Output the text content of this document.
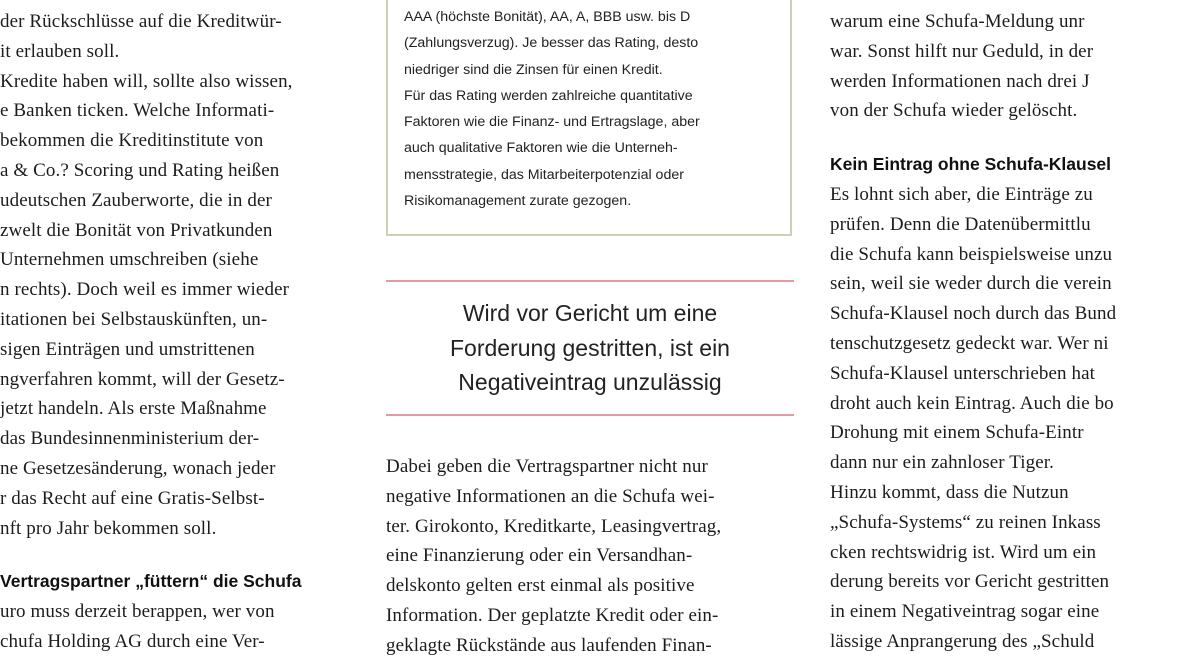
der Rückschlüsse auf die Kreditwür-
it erlauben soll.
Kredite haben will, sollte also wissen,
e Banken ticken. Welche Informati-
bekommen die Kreditinstitute von
a & Co.? Scoring und Rating heißen
udeutschen Zauberworte, die in der
zwelt die Bonität von Privatkunden
Unternehmen umschreiben (siehe
n rechts). Doch weil es immer wieder
itationen bei Selbstauskünften, un-
sigen Einträgen und umstrittenen
ngverfahren kommt, will der Gesetz-
jetzt handeln. Als erste Maßnahme
das Bundesinnenministerium der-
ne Gesetzesänderung, wonach jeder
r das Recht auf eine Gratis-Selbst-
nft pro Jahr bekommen soll.
Vertragspartner „füttern“ die Schufa
uro muss derzeit berappen, wer von
chufa Holding AG durch eine Ver-
AAA (höchste Bonität), AA, A, BBB usw. bis D
(Zahlungsverzug). Je besser das Rating, desto
niedriger sind die Zinsen für einen Kredit.
Für das Rating werden zahlreiche quantitative
Faktoren wie die Finanz- und Ertragslage, aber
auch qualitative Faktoren wie die Unterneh-
mensstrategie, das Mitarbeiterpotenzial oder
Risikomanagement zurate gezogen.
Wird vor Gericht um eine
Forderung gestritten, ist ein
Negativeintrag unzulässig
Dabei geben die Vertragspartner nicht nur
negative Informationen an die Schufa wei-
ter. Girokonto, Kreditkarte, Leasingvertrag,
eine Finanzierung oder ein Versandhan-
delskonto gelten erst einmal als positive
Information. Der geplatzte Kredit oder ein-
geklagte Rückstände aus laufenden Finan-
warum eine Schufa-Meldung unr
war. Sonst hilft nur Geduld, in der
werden Informationen nach drei J
von der Schufa wieder gelöscht.
Kein Eintrag ohne Schufa-Klausel
Es lohnt sich aber, die Einträge zu
prüfen. Denn die Datenübermittlu
die Schufa kann beispielsweise unzu
sein, weil sie weder durch die verein
Schufa-Klausel noch durch das Bund
tenschutzgesetz gedeckt war. Wer ni
Schufa-Klausel unterschrieben hat
droht auch kein Eintrag. Auch die bo
Drohung mit einem Schufa-Eintr
dann nur ein zahnloser Tiger.
Hinzu kommt, dass die Nutzun
„Schufa-Systems“ zu reinen Inkass
cken rechtswidrig ist. Wird um ein
derung bereits vor Gericht gestritten
in einem Negativeintrag sogar eine
lässige Anprangerung des „Schuld
